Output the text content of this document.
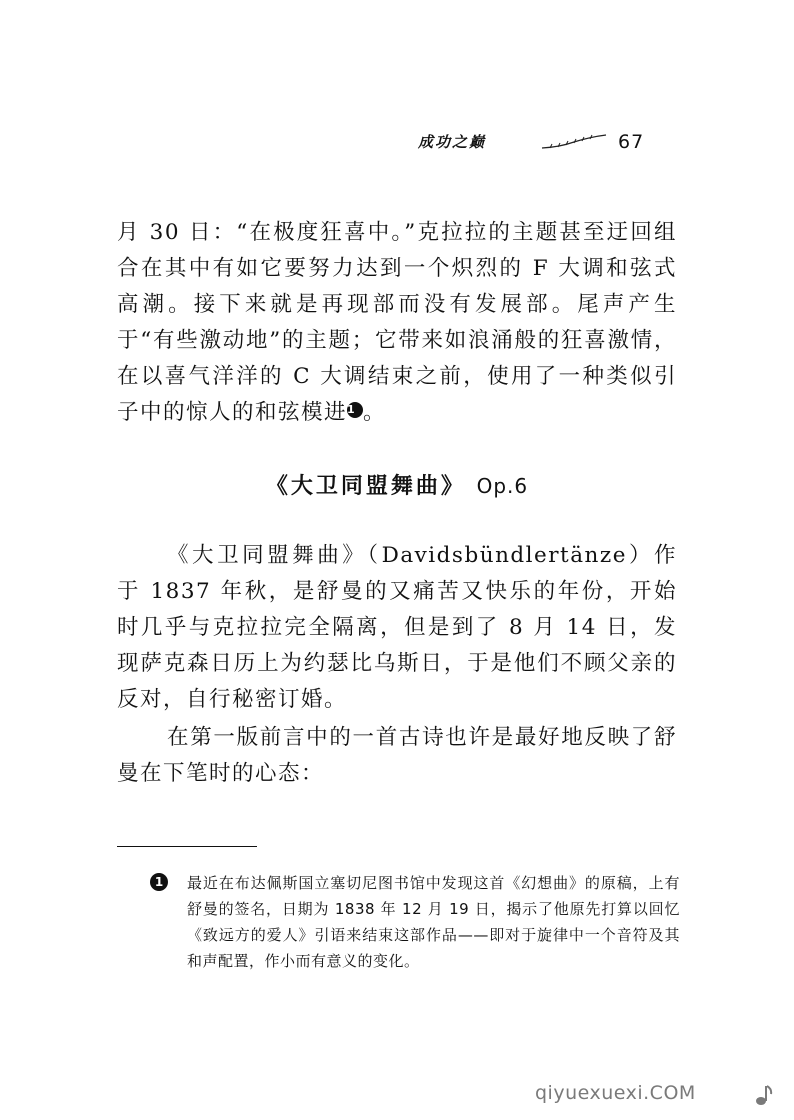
成功之巅	67

月 30 日：“在极度狂喜中。”克拉拉的主题甚至迂回组合在其中有如它要努力达到一个炽烈的 F 大调和弦式高潮。接下来就是再现部而没有发展部。尾声产生于“有些激动地”的主题；它带来如浪涌般的狂喜激情，在以喜气洋洋的 C 大调结束之前，使用了一种类似引子中的惊人的和弦模进1 。

《大卫同盟舞曲》 Op.6

《大卫同盟舞曲》（Davidsbündlertänze）作于 1837 年秋，是舒曼的又痛苦又快乐的年份，开始时几乎与克拉拉完全隔离，但是到了 8 月 14 日，发现萨克森日历上为约瑟比乌斯日，于是他们不顾父亲的反对，自行秘密订婚。

在第一版前言中的一首古诗也许是最好地反映了舒曼在下笔时的心态：

1	最近在布达佩斯国立塞切尼图书馆中发现这首《幻想曲》的原稿，上有舒曼的签名，日期为 1838 年 12 月 19 日，揭示了他原先打算以回忆《致远方的爱人》引语来结束这部作品——即对于旋律中一个音符及其和声配置，作小而有意义的变化。

qiyuexuexi.COM
